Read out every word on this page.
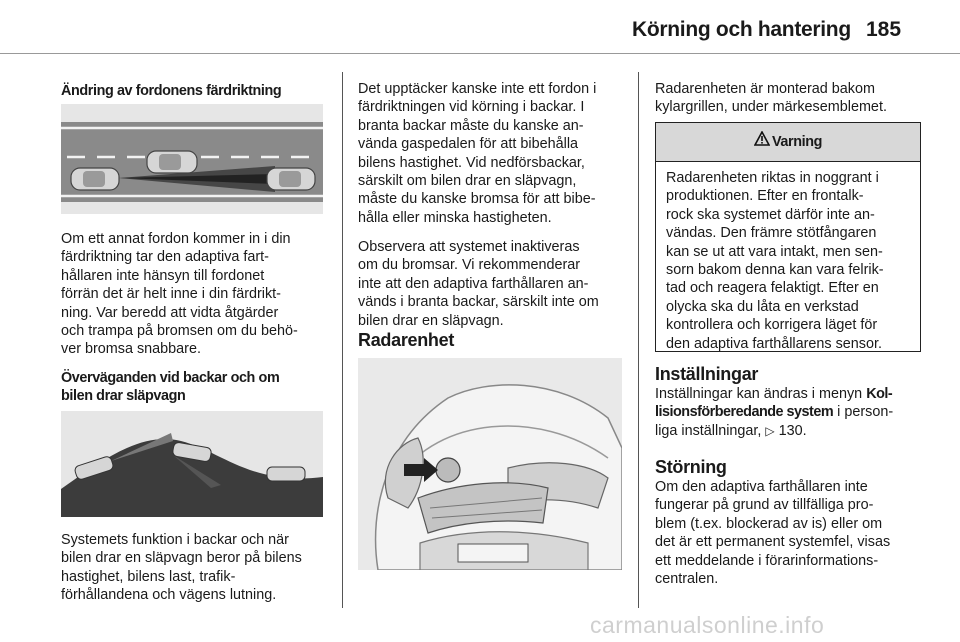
Körning och hantering 185
Ändring av fordonens färdriktning

Om ett annat fordon kommer in i din

färdriktning tar den adaptiva fart-

hållaren inte hänsyn till fordonet

förrän det är helt inne i din färdrikt-

ning. Var beredd att vidta åtgärder

och trampa på bromsen om du behö-

ver bromsa snabbare.

Överväganden vid backar och om

bilen drar släpvagn

Systemets funktion i backar och när

bilen drar en släpvagn beror på bilens

hastighet, bilens last, trafik-

förhållandena och vägens lutning.

Det upptäcker kanske inte ett fordon i

färdriktningen vid körning i backar. I

branta backar måste du kanske an-

vända gaspedalen för att bibehålla

bilens hastighet. Vid nedförsbackar,

särskilt om bilen drar en släpvagn,

måste du kanske bromsa för att bibe-

hålla eller minska hastigheten.

Observera att systemet inaktiveras

om du bromsar. Vi rekommenderar

inte att den adaptiva farthållaren an-

vänds i branta backar, särskilt inte om

bilen drar en släpvagn.

Radarenhet

Radarenheten är monterad bakom

kylargrillen, under märkesemblemet.

Varning

Radarenheten riktas in noggrant i

produktionen. Efter en frontalk-

rock ska systemet därför inte an-

vändas. Den främre stötfångaren

kan se ut att vara intakt, men sen-

sorn bakom denna kan vara felrik-

tad och reagera felaktigt. Efter en

olycka ska du låta en verkstad

kontrollera och korrigera läget för

den adaptiva farthållarens sensor.

Inställningar

Inställningar kan ändras i menyn Kol-

lisionsförberedande system i person-

liga inställningar, ▷ 130.

Störning

Om den adaptiva farthållaren inte

fungerar på grund av tillfälliga pro-

blem (t.ex. blockerad av is) eller om

det är ett permanent systemfel, visas

ett meddelande i förarinformations-

centralen.

carmanualsonline.info
